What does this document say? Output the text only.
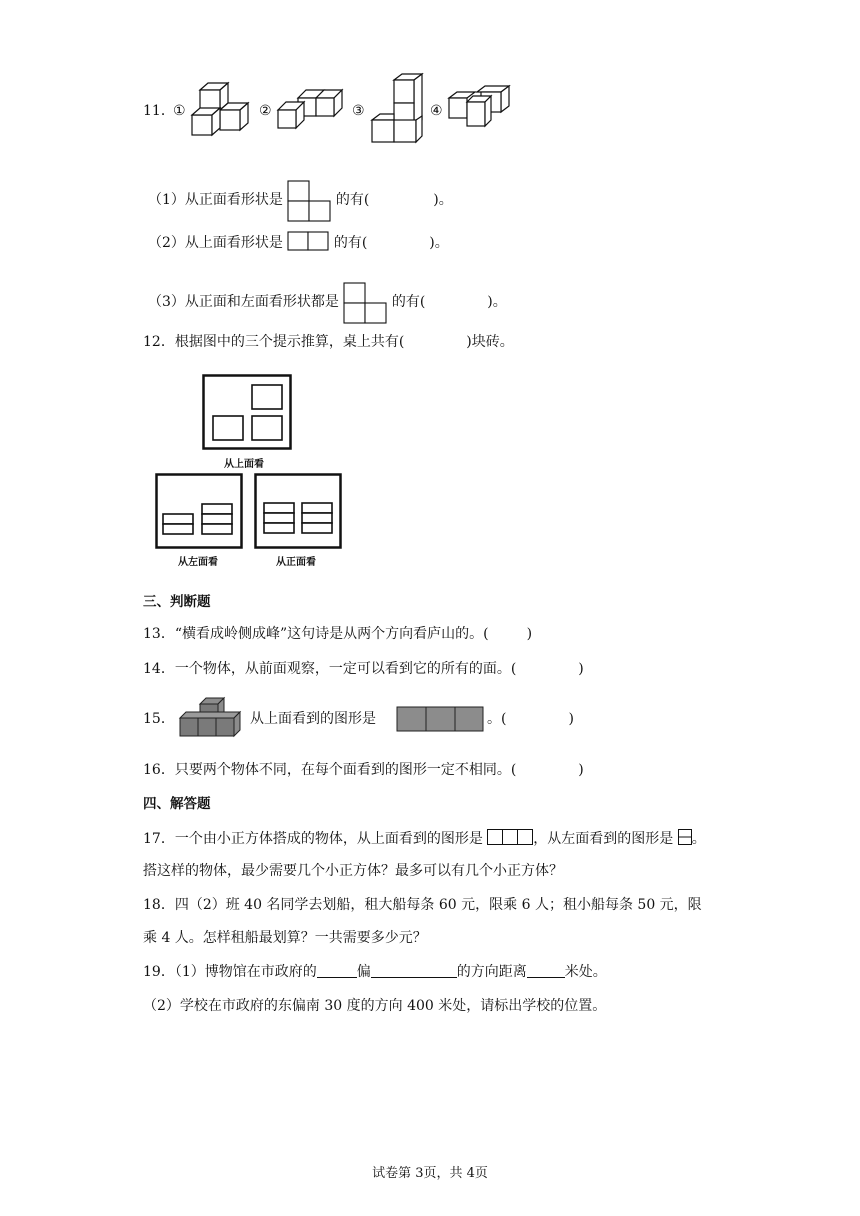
11．
①	②	③	④
（1）从正面看形状是	的有(	)。
（2）从上面看形状是	的有(	)。
（3）从正面和左面看形状都是	的有(	)。
12．根据图中的三个提示推算，桌上共有(	)块砖。
从上面看
从左面看	从正面看
三、判断题
13．“横看成岭侧成峰”这句诗是从两个方向看庐山的。(	)
14．一个物体，从前面观察，一定可以看到它的所有的面。(	)
15．	从上面看到的图形是	。(	)
16．只要两个物体不同，在每个面看到的图形一定不相同。(	)
四、解答题
17．一个由小正方体搭成的物体，从上面看到的图形是	，从左面看到的图形是 。
搭这样的物体，最少需要几个小正方体？最多可以有几个小正方体？
18．四（2）班 40 名同学去划船，租大船每条 60 元，限乘 6 人；租小船每条 50 元，限
乘 4 人。怎样租船最划算？一共需要多少元？
19．（1）博物馆在市政府的	偏	的方向距离	米处。
（2）学校在市政府的东偏南 30 度的方向 400 米处，请标出学校的位置。
试卷第 3页，共 4页
